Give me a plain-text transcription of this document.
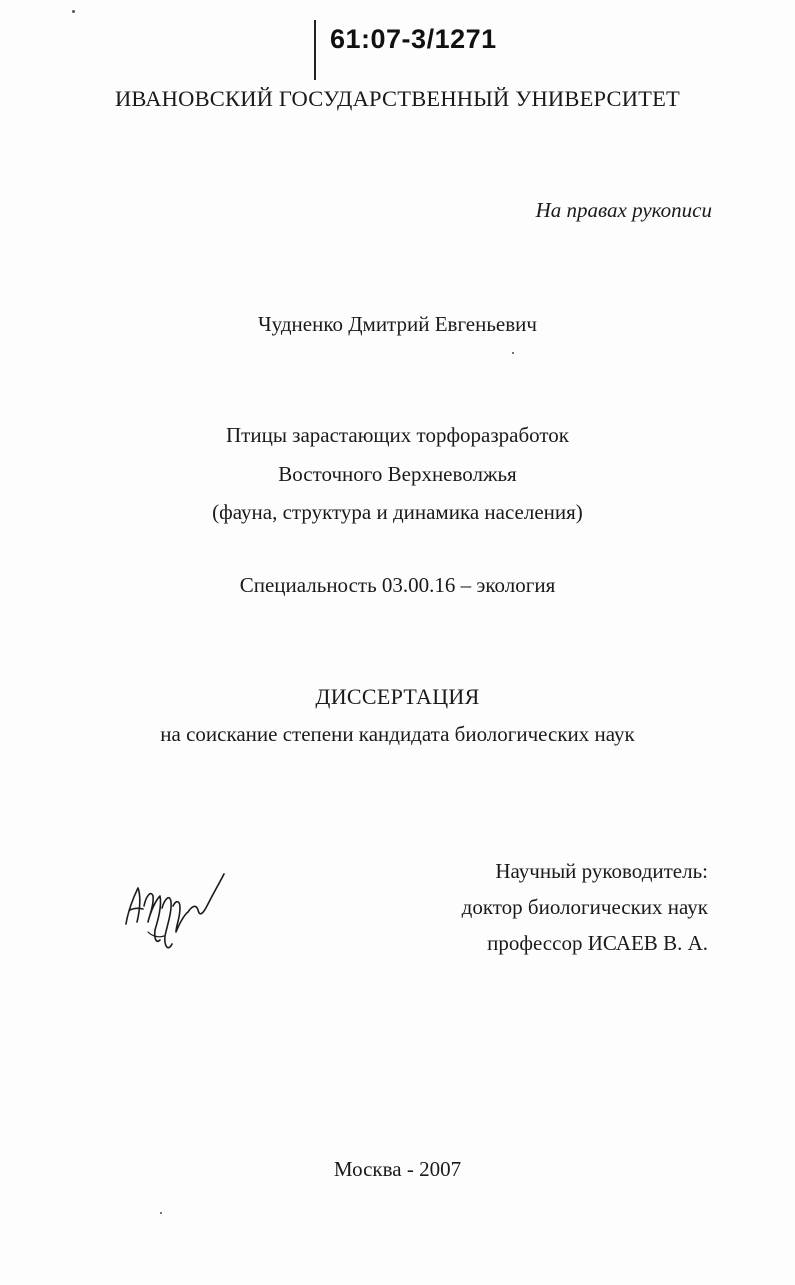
61:07-3/1271
ИВАНОВСКИЙ ГОСУДАРСТВЕННЫЙ УНИВЕРСИТЕТ
На правах рукописи
Чудненко Дмитрий Евгеньевич
Птицы зарастающих торфоразработок
Восточного Верхневолжья
(фауна, структура и динамика населения)
Специальность 03.00.16 – экология
ДИССЕРТАЦИЯ
на соискание степени кандидата биологических наук
Научный руководитель:
доктор биологических наук
профессор ИСАЕВ В. А.
Москва - 2007
